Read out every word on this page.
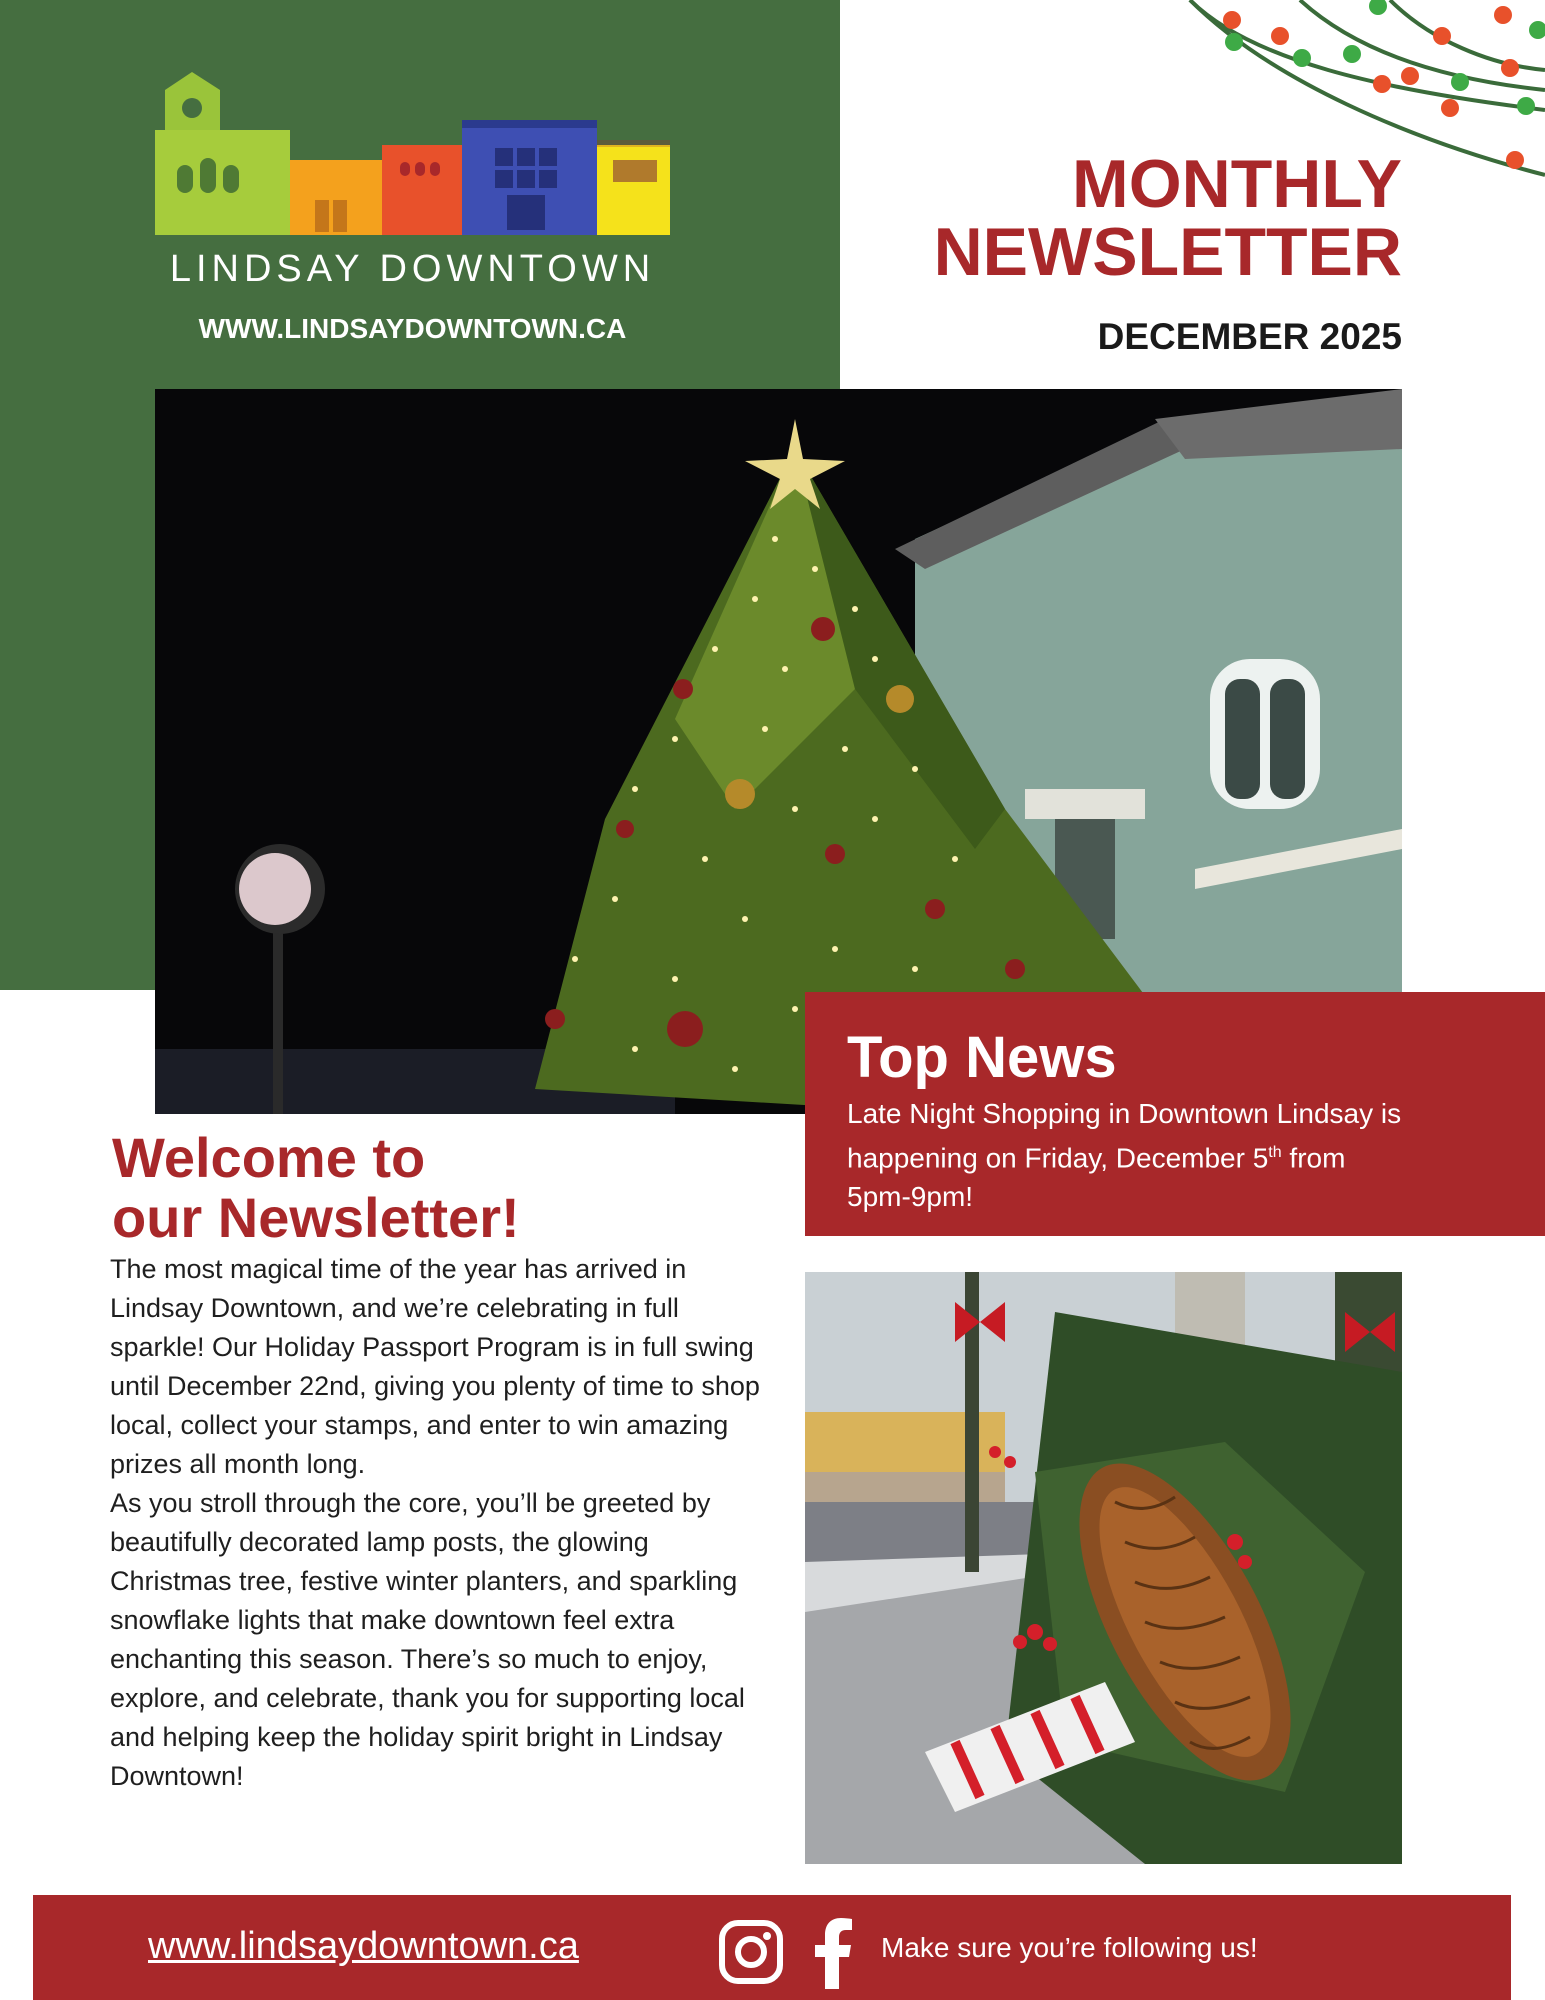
LINDSAY DOWNTOWN
WWW.LINDSAYDOWNTOWN.CA
MONTHLY
NEWSLETTER
DECEMBER 2025
Top News
Late Night Shopping in Downtown Lindsay is happening on Friday, December 5th from 5pm-9pm!
Welcome to
our Newsletter!

The most magical time of the year has arrived in Lindsay Downtown, and we’re celebrating in full sparkle! Our Holiday Passport Program is in full swing until December 22nd, giving you plenty of time to shop local, collect your stamps, and enter to win amazing prizes all month long.

As you stroll through the core, you’ll be greeted by beautifully decorated lamp posts, the glowing Christmas tree, festive winter planters, and sparkling snowflake lights that make downtown feel extra enchanting this season. There’s so much to enjoy, explore, and celebrate, thank you for supporting local and helping keep the holiday spirit bright in Lindsay Downtown!

www.lindsaydowntown.ca	Make sure you’re following us!
